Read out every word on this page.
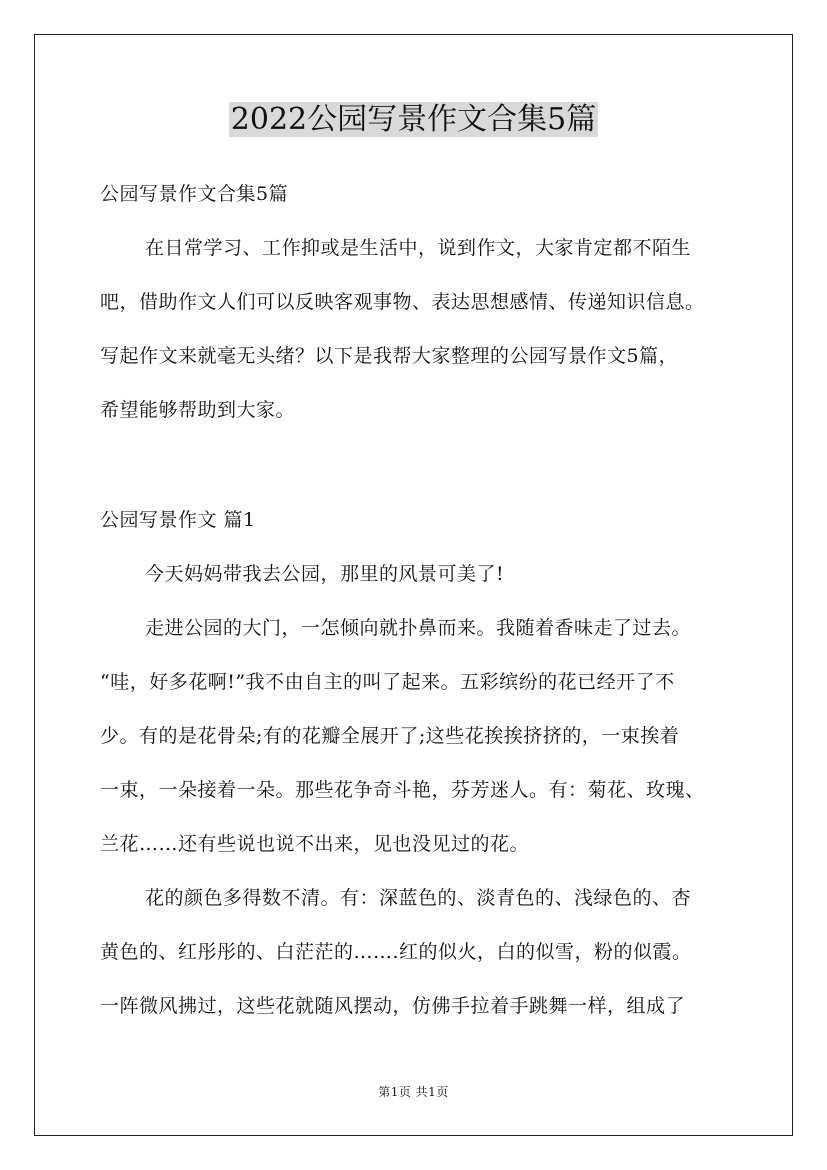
2022公园写景作文合集5篇
公园写景作文合集5篇
在日常学习、工作抑或是生活中，说到作文，大家肯定都不陌生
吧，借助作文人们可以反映客观事物、表达思想感情、传递知识信息。
写起作文来就毫无头绪？以下是我帮大家整理的公园写景作文5篇，
希望能够帮助到大家。
公园写景作文 篇1
今天妈妈带我去公园，那里的风景可美了!
走进公园的大门，一怎倾向就扑鼻而来。我随着香味走了过去。
“哇，好多花啊!”我不由自主的叫了起来。五彩缤纷的花已经开了不
少。有的是花骨朵;有的花瓣全展开了;这些花挨挨挤挤的，一束挨着
一束，一朵接着一朵。那些花争奇斗艳，芬芳迷人。有：菊花、玫瑰、
兰花……还有些说也说不出来，见也没见过的花。
花的颜色多得数不清。有：深蓝色的、淡青色的、浅绿色的、杏
黄色的、红彤彤的、白茫茫的…….红的似火，白的似雪，粉的似霞。
一阵微风拂过，这些花就随风摆动，仿佛手拉着手跳舞一样，组成了
第1页 共1页
